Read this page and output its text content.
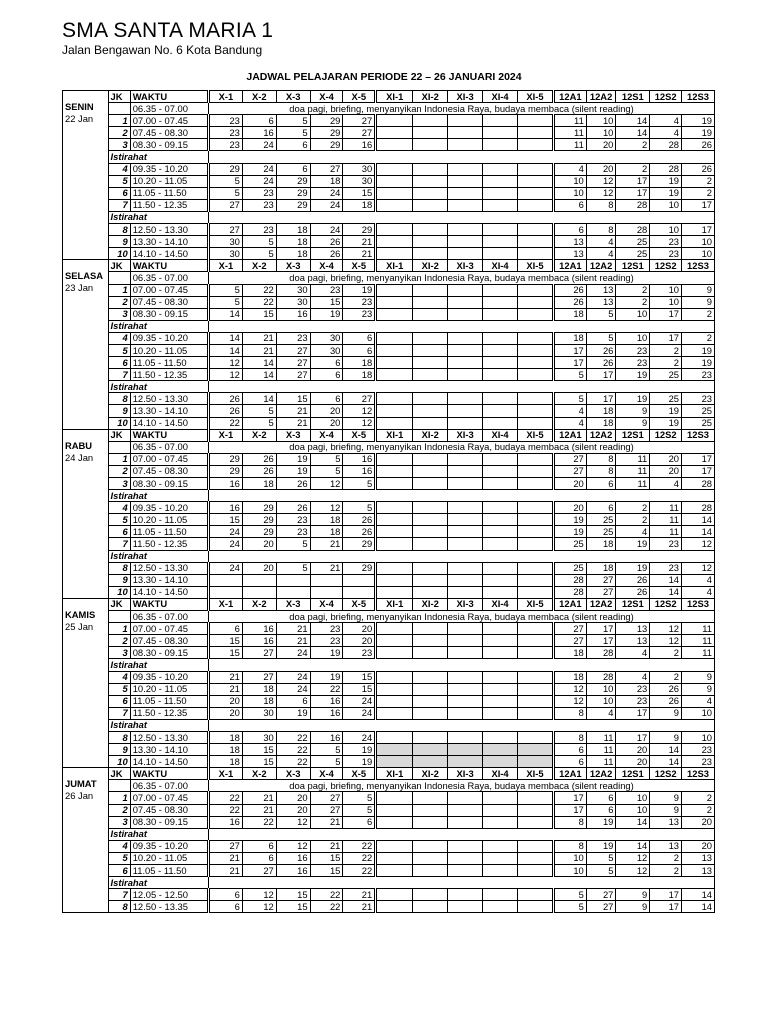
SMA SANTA MARIA 1
Jalan Bengawan No. 6 Kota Bandung
JADWAL PELAJARAN PERIODE 22 – 26 JANUARI 2024

SENIN
22 Jan	JK	WAKTU	X-1	X-2	X-3	X-4	X-5	XI-1	XI-2	XI-3	XI-4	XI-5	12A1	12A2	12S1	12S2	12S3
		06.35 - 07.00	doa pagi, briefing, menyanyikan Indonesia Raya, budaya membaca (silent reading)														
	1	07.00 - 07.45	23	6	5	29	27						11	10	14	4	19
	2	07.45 - 08.30	23	16	5	29	27						11	10	14	4	19
	3	08.30 - 09.15	23	24	6	29	16						11	20	2	28	26
	Istirahat																
	4	09.35 - 10.20	29	24	6	27	30						4	20	2	28	26
	5	10.20 - 11.05	5	24	29	18	30						10	12	17	19	2
	6	11.05 - 11.50	5	23	29	24	15						10	12	17	19	2
	7	11.50 - 12.35	27	23	29	24	18						6	8	28	10	17
	Istirahat																
	8	12.50 - 13.30	27	23	18	24	29						6	8	28	10	17
	9	13.30 - 14.10	30	5	18	26	21						13	4	25	23	10
	10	14.10 - 14.50	30	5	18	26	21						13	4	25	23	10

SELASA
23 Jan	JK	WAKTU	X-1	X-2	X-3	X-4	X-5	XI-1	XI-2	XI-3	XI-4	XI-5	12A1	12A2	12S1	12S2	12S3
		06.35 - 07.00	doa pagi, briefing, menyanyikan Indonesia Raya, budaya membaca (silent reading)														
	1	07.00 - 07.45	5	22	30	23	19						26	13	2	10	9
	2	07.45 - 08.30	5	22	30	15	23						26	13	2	10	9
	3	08.30 - 09.15	14	15	16	19	23						18	5	10	17	2
	Istirahat																
	4	09.35 - 10.20	14	21	23	30	6						18	5	10	17	2
	5	10.20 - 11.05	14	21	27	30	6						17	26	23	2	19
	6	11.05 - 11.50	12	14	27	6	18						17	26	23	2	19
	7	11.50 - 12.35	12	14	27	6	18						5	17	19	25	23
	Istirahat																
	8	12.50 - 13.30	26	14	15	6	27						5	17	19	25	23
	9	13.30 - 14.10	26	5	21	20	12						4	18	9	19	25
	10	14.10 - 14.50	22	5	21	20	12						4	18	9	19	25

RABU
24 Jan	JK	WAKTU	X-1	X-2	X-3	X-4	X-5	XI-1	XI-2	XI-3	XI-4	XI-5	12A1	12A2	12S1	12S2	12S3
		06.35 - 07.00	doa pagi, briefing, menyanyikan Indonesia Raya, budaya membaca (silent reading)														
	1	07.00 - 07.45	29	26	19	5	16						27	8	11	20	17
	2	07.45 - 08.30	29	26	19	5	16						27	8	11	20	17
	3	08.30 - 09.15	16	18	26	12	5						20	6	11	4	28
	Istirahat																
	4	09.35 - 10.20	16	29	26	12	5						20	6	2	11	28
	5	10.20 - 11.05	15	29	23	18	26						19	25	2	11	14
	6	11.05 - 11.50	24	29	23	18	26						19	25	4	11	14
	7	11.50 - 12.35	24	20	5	21	29						25	18	19	23	12
	Istirahat																
	8	12.50 - 13.30	24	20	5	21	29						25	18	19	23	12
	9	13.30 - 14.10											28	27	26	14	4
	10	14.10 - 14.50											28	27	26	14	4

KAMIS
25 Jan	JK	WAKTU	X-1	X-2	X-3	X-4	X-5	XI-1	XI-2	XI-3	XI-4	XI-5	12A1	12A2	12S1	12S2	12S3
		06.35 - 07.00	doa pagi, briefing, menyanyikan Indonesia Raya, budaya membaca (silent reading)														
	1	07.00 - 07.45	6	16	21	23	20						27	17	13	12	11
	2	07.45 - 08.30	15	16	21	23	20						27	17	13	12	11
	3	08.30 - 09.15	15	27	24	19	23						18	28	4	2	11
	Istirahat																
	4	09.35 - 10.20	21	27	24	19	15						18	28	4	2	9
	5	10.20 - 11.05	21	18	24	22	15						12	10	23	26	9
	6	11.05 - 11.50	20	18	6	16	24						12	10	23	26	4
	7	11.50 - 12.35	20	30	19	16	24						8	4	17	9	10
	Istirahat																
	8	12.50 - 13.30	18	30	22	16	24						8	11	17	9	10
	9	13.30 - 14.10	18	15	22	5	19						6	11	20	14	23
	10	14.10 - 14.50	18	15	22	5	19						6	11	20	14	23

JUMAT
26 Jan	JK	WAKTU	X-1	X-2	X-3	X-4	X-5	XI-1	XI-2	XI-3	XI-4	XI-5	12A1	12A2	12S1	12S2	12S3
		06.35 - 07.00	doa pagi, briefing, menyanyikan Indonesia Raya, budaya membaca (silent reading)														
	1	07.00 - 07.45	22	21	20	27	5						17	6	10	9	2
	2	07.45 - 08.30	22	21	20	27	5						17	6	10	9	2
	3	08.30 - 09.15	16	22	12	21	6						8	19	14	13	20
	Istirahat																
	4	09.35 - 10.20	27	6	12	21	22						8	19	14	13	20
	5	10.20 - 11.05	21	6	16	15	22						10	5	12	2	13
	6	11.05 - 11.50	21	27	16	15	22						10	5	12	2	13
	Istirahat																
	7	12.05 - 12.50	6	12	15	22	21						5	27	9	17	14
	8	12.50 - 13.35	6	12	15	22	21						5	27	9	17	14
